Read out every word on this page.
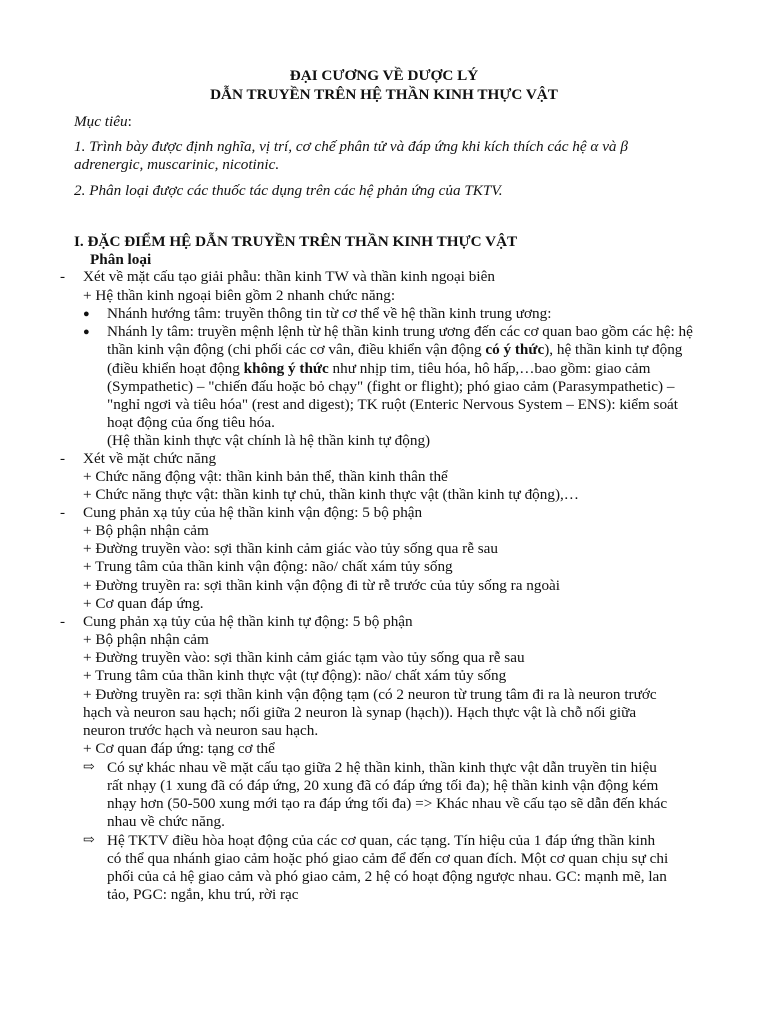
ĐẠI CƯƠNG VỀ DƯỢC LÝ
DẪN TRUYỀN TRÊN HỆ THẦN KINH THỰC VẬT
Mục tiêu:
1. Trình bày được định nghĩa, vị trí, cơ chế phân tử và đáp ứng khi kích thích các hệ α và β
adrenergic, muscarinic, nicotinic.
2. Phân loại được các thuốc tác dụng trên các hệ phản ứng của TKTV.
I. ĐẶC ĐIỂM HỆ DẪN TRUYỀN TRÊN THẦN KINH THỰC VẬT
Phân loại
- Xét về mặt cấu tạo giải phẫu: thần kinh TW và thần kinh ngoại biên
+ Hệ thần kinh ngoại biên gồm 2 nhanh chức năng:
● Nhánh hướng tâm: truyền thông tin từ cơ thể về hệ thần kinh trung ương:
● Nhánh ly tâm: truyền mệnh lệnh từ hệ thần kinh trung ương đến các cơ quan bao gồm các hệ: hệ
thần kinh vận động (chi phối các cơ vân, điều khiển vận động có ý thức), hệ thần kinh tự động
(điều khiển hoạt động không ý thức như nhịp tim, tiêu hóa, hô hấp,…bao gồm: giao cảm
(Sympathetic) – "chiến đấu hoặc bỏ chạy" (fight or flight); phó giao cảm (Parasympathetic) –
"nghỉ ngơi và tiêu hóa" (rest and digest); TK ruột (Enteric Nervous System – ENS): kiểm soát
hoạt động của ống tiêu hóa.
(Hệ thần kinh thực vật chính là hệ thần kinh tự động)
- Xét về mặt chức năng
+ Chức năng động vật: thần kinh bản thể, thần kinh thân thể
+ Chức năng thực vật: thần kinh tự chủ, thần kinh thực vật (thần kinh tự động),…
- Cung phản xạ tủy của hệ thần kinh vận động: 5 bộ phận
+ Bộ phận nhận cảm
+ Đường truyền vào: sợi thần kinh cảm giác vào tủy sống qua rễ sau
+ Trung tâm của thần kinh vận động: não/ chất xám tủy sống
+ Đường truyền ra: sợi thần kinh vận động đi từ rễ trước của tủy sống ra ngoài
+ Cơ quan đáp ứng.
- Cung phản xạ tủy của hệ thần kinh tự động: 5 bộ phận
+ Bộ phận nhận cảm
+ Đường truyền vào: sợi thần kinh cảm giác tạm vào tủy sống qua rễ sau
+ Trung tâm của thần kinh thực vật (tự động): não/ chất xám tủy sống
+ Đường truyền ra: sợi thần kinh vận động tạm (có 2 neuron từ trung tâm đi ra là neuron trước
hạch và neuron sau hạch; nối giữa 2 neuron là synap (hạch)). Hạch thực vật là chỗ nối giữa
neuron trước hạch và neuron sau hạch.
+ Cơ quan đáp ứng: tạng cơ thể
⇨ Có sự khác nhau về mặt cấu tạo giữa 2 hệ thần kinh, thần kinh thực vật dẫn truyền tin hiệu
rất nhạy (1 xung đã có đáp ứng, 20 xung đã có đáp ứng tối đa); hệ thần kinh vận động kém
nhạy hơn (50-500 xung mới tạo ra đáp ứng tối đa) => Khác nhau về cấu tạo sẽ dẫn đến khác
nhau về chức năng.
⇨ Hệ TKTV điều hòa hoạt động của các cơ quan, các tạng. Tín hiệu của 1 đáp ứng thần kinh
có thể qua nhánh giao cảm hoặc phó giao cảm để đến cơ quan đích. Một cơ quan chịu sự chi
phối của cả hệ giao cảm và phó giao cảm, 2 hệ có hoạt động ngược nhau. GC: mạnh mẽ, lan
tảo, PGC: ngắn, khu trú, rời rạc
